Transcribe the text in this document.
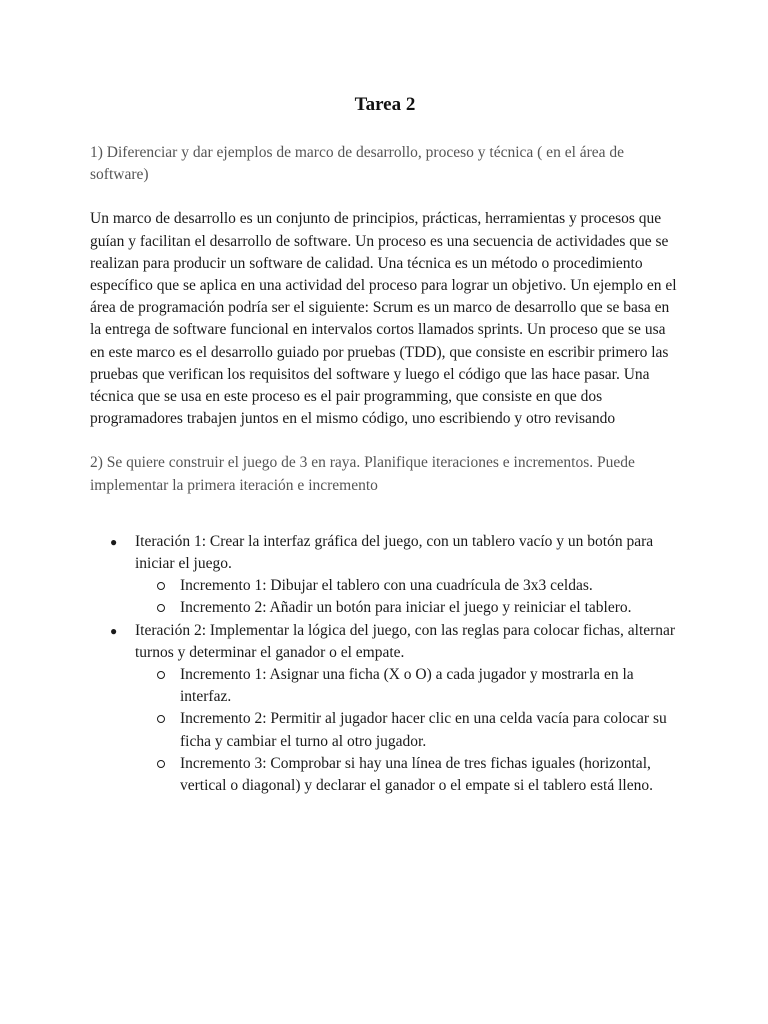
Tarea 2

1) Diferenciar y dar ejemplos de marco de desarrollo, proceso y técnica ( en el área de software)

Un marco de desarrollo es un conjunto de principios, prácticas, herramientas y procesos que guían y facilitan el desarrollo de software. Un proceso es una secuencia de actividades que se realizan para producir un software de calidad. Una técnica es un método o procedimiento específico que se aplica en una actividad del proceso para lograr un objetivo. Un ejemplo en el área de programación podría ser el siguiente: Scrum es un marco de desarrollo que se basa en la entrega de software funcional en intervalos cortos llamados sprints. Un proceso que se usa en este marco es el desarrollo guiado por pruebas (TDD), que consiste en escribir primero las pruebas que verifican los requisitos del software y luego el código que las hace pasar. Una técnica que se usa en este proceso es el pair programming, que consiste en que dos programadores trabajen juntos en el mismo código, uno escribiendo y otro revisando

2) Se quiere construir el juego de 3 en raya. Planifique iteraciones e incrementos. Puede implementar la primera iteración e incremento

● Iteración 1: Crear la interfaz gráfica del juego, con un tablero vacío y un botón para iniciar el juego.
Incremento 1: Dibujar el tablero con una cuadrícula de 3x3 celdas.
Incremento 2: Añadir un botón para iniciar el juego y reiniciar el tablero.
● Iteración 2: Implementar la lógica del juego, con las reglas para colocar fichas, alternar turnos y determinar el ganador o el empate.
Incremento 1: Asignar una ficha (X o O) a cada jugador y mostrarla en la interfaz.
Incremento 2: Permitir al jugador hacer clic en una celda vacía para colocar su ficha y cambiar el turno al otro jugador.
Incremento 3: Comprobar si hay una línea de tres fichas iguales (horizontal, vertical o diagonal) y declarar el ganador o el empate si el tablero está lleno.
